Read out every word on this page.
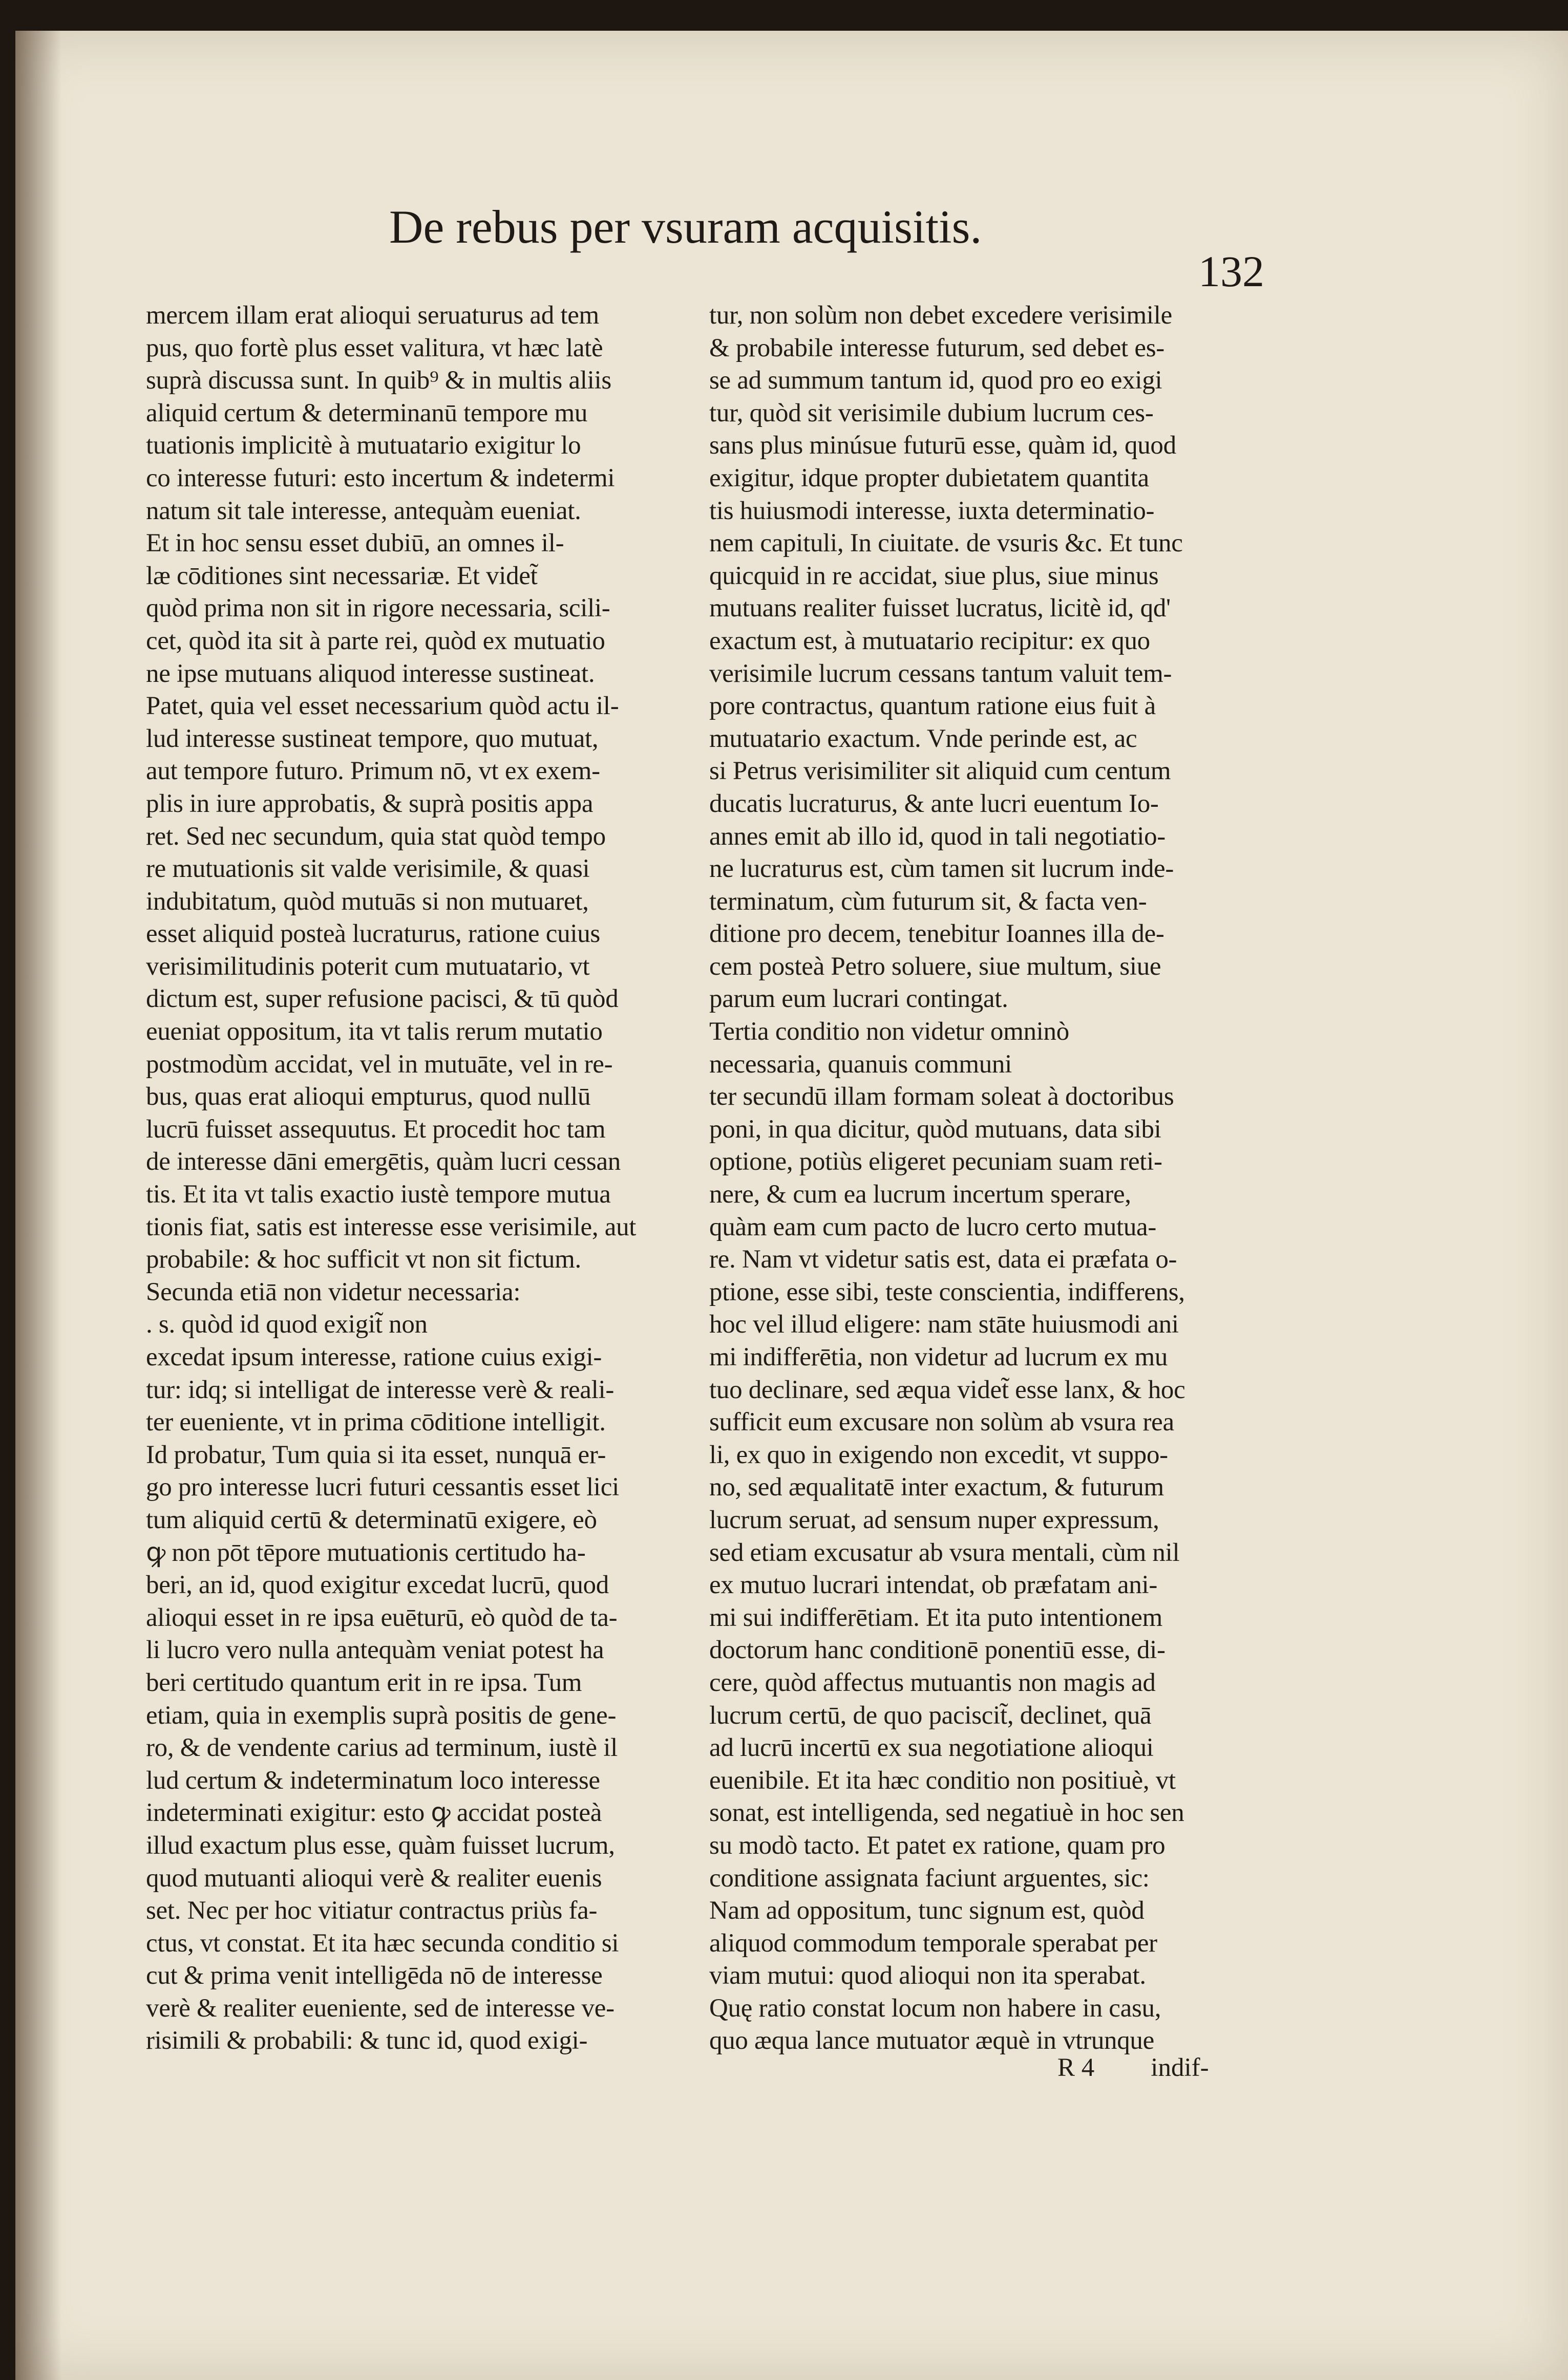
De rebus per vsuram acquisitis.
132
mercem illam erat alioqui seruaturus ad tem
pus, quo fortè plus esset valitura, vt hæc latè
suprà discussa sunt. In quib⁹ & in multis aliis
aliquid certum & determinanū tempore mu
tuationis implicitè à mutuatario exigitur lo
co interesse futuri: esto incertum & indetermi
natum sit tale interesse, antequàm eueniat.
Et in hoc sensu esset dubiū, an omnes il-
læ cōditiones sint necessariæ. Et videt̃
quòd prima non sit in rigore necessaria, scili-
cet, quòd ita sit à parte rei, quòd ex mutuatio
ne ipse mutuans aliquod interesse sustineat.
Patet, quia vel esset necessarium quòd actu il-
lud interesse sustineat tempore, quo mutuat,
aut tempore futuro. Primum nō, vt ex exem-
plis in iure approbatis, & suprà positis appa
ret. Sed nec secundum, quia stat quòd tempo
re mutuationis sit valde verisimile, & quasi
indubitatum, quòd mutuās si non mutuaret,
esset aliquid posteà lucraturus, ratione cuius
verisimilitudinis poterit cum mutuatario, vt
dictum est, super refusione pacisci, & tū quòd
eueniat oppositum, ita vt talis rerum mutatio
postmodùm accidat, vel in mutuāte, vel in re-
bus, quas erat alioqui empturus, quod nullū
lucrū fuisset assequutus. Et procedit hoc tam
de interesse dāni emergētis, quàm lucri cessan
tis. Et ita vt talis exactio iustè tempore mutua
tionis fiat, satis est interesse esse verisimile, aut
probabile: & hoc sufficit vt non sit fictum.
Secunda etiā non videtur necessaria:
. s. quòd id quod exigit̃ non
excedat ipsum interesse, ratione cuius exigi-
tur: idq; si intelligat de interesse verè & reali-
ter eueniente, vt in prima cōditione intelligit.
Id probatur, Tum quia si ita esset, nunquā er-
go pro interesse lucri futuri cessantis esset lici
tum aliquid certū & determinatū exigere, eò
ꝙ non pōt tēpore mutuationis certitudo ha-
beri, an id, quod exigitur excedat lucrū, quod
alioqui esset in re ipsa euēturū, eò quòd de ta-
li lucro vero nulla antequàm veniat potest ha
beri certitudo quantum erit in re ipsa. Tum
etiam, quia in exemplis suprà positis de gene-
ro, & de vendente carius ad terminum, iustè il
lud certum & indeterminatum loco interesse
indeterminati exigitur: esto ꝙ accidat posteà
illud exactum plus esse, quàm fuisset lucrum,
quod mutuanti alioqui verè & realiter euenis
set. Nec per hoc vitiatur contractus priùs fa-
ctus, vt constat. Et ita hæc secunda conditio si
cut & prima venit intelligēda nō de interesse
verè & realiter eueniente, sed de interesse ve-
risimili & probabili: & tunc id, quod exigi-
tur, non solùm non debet excedere verisimile
& probabile interesse futurum, sed debet es-
se ad summum tantum id, quod pro eo exigi
tur, quòd sit verisimile dubium lucrum ces-
sans plus minúsue futurū esse, quàm id, quod
exigitur, idque propter dubietatem quantita
tis huiusmodi interesse, iuxta determinatio-
nem capituli, In ciuitate. de vsuris &c. Et tunc
quicquid in re accidat, siue plus, siue minus
mutuans realiter fuisset lucratus, licitè id, qd'
exactum est, à mutuatario recipitur: ex quo
verisimile lucrum cessans tantum valuit tem-
pore contractus, quantum ratione eius fuit à
mutuatario exactum. Vnde perinde est, ac
si Petrus verisimiliter sit aliquid cum centum
ducatis lucraturus, & ante lucri euentum Io-
annes emit ab illo id, quod in tali negotiatio-
ne lucraturus est, cùm tamen sit lucrum inde-
terminatum, cùm futurum sit, & facta ven-
ditione pro decem, tenebitur Ioannes illa de-
cem posteà Petro soluere, siue multum, siue
parum eum lucrari contingat.
Tertia conditio non videtur omninò
necessaria, quanuis communi
ter secundū illam formam soleat à doctoribus
poni, in qua dicitur, quòd mutuans, data sibi
optione, potiùs eligeret pecuniam suam reti-
nere, & cum ea lucrum incertum sperare,
quàm eam cum pacto de lucro certo mutua-
re. Nam vt videtur satis est, data ei præfata o-
ptione, esse sibi, teste conscientia, indifferens,
hoc vel illud eligere: nam stāte huiusmodi ani
mi indifferētia, non videtur ad lucrum ex mu
tuo declinare, sed æqua videt̃ esse lanx, & hoc
sufficit eum excusare non solùm ab vsura rea
li, ex quo in exigendo non excedit, vt suppo-
no, sed æqualitatē inter exactum, & futurum
lucrum seruat, ad sensum nuper expressum,
sed etiam excusatur ab vsura mentali, cùm nil
ex mutuo lucrari intendat, ob præfatam ani-
mi sui indifferētiam. Et ita puto intentionem
doctorum hanc conditionē ponentiū esse, di-
cere, quòd affectus mutuantis non magis ad
lucrum certū, de quo paciscit̃, declinet, quā
ad lucrū incertū ex sua negotiatione alioqui
euenibile. Et ita hæc conditio non positiuè, vt
sonat, est intelligenda, sed negatiuè in hoc sen
su modò tacto. Et patet ex ratione, quam pro
conditione assignata faciunt arguentes, sic:
Nam ad oppositum, tunc signum est, quòd
aliquod commodum temporale sperabat per
viam mutui: quod alioqui non ita sperabat.
Quę ratio constat locum non habere in casu,
quo æqua lance mutuator æquè in vtrunque
R 4 indif-
